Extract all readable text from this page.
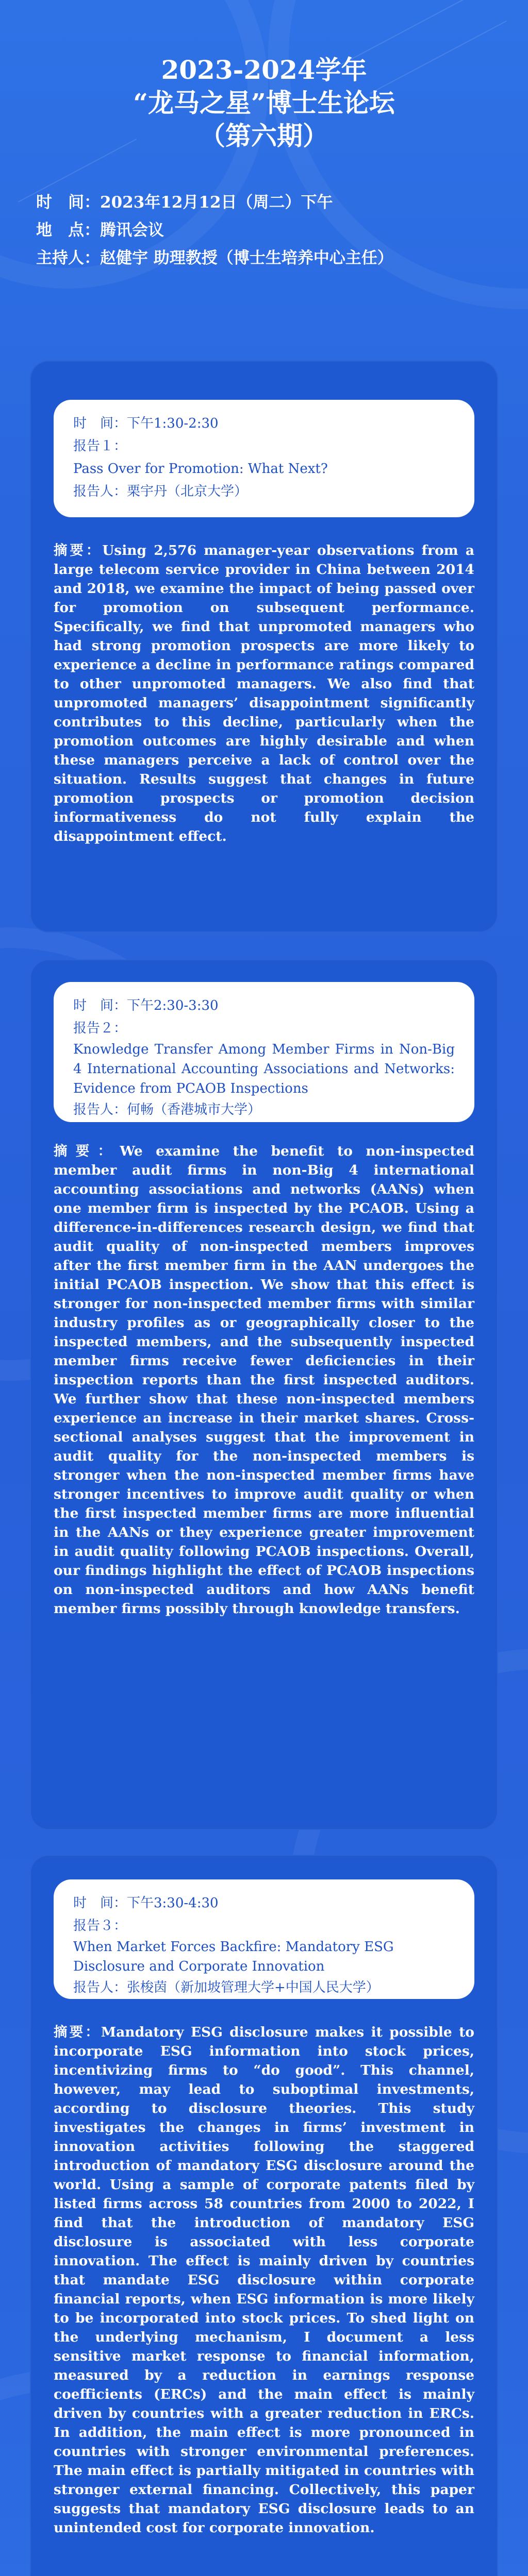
2023-2024学年
“龙马之星”博士生论坛
（第六期）
时　间：2023年12月12日（周二）下午
地　点：腾讯会议
主持人：赵健宇 助理教授（博士生培养中心主任）
时　间：下午1:30-2:30
报告１：
Pass Over for Promotion: What Next?
报告人：栗宇丹（北京大学）
摘要：Using 2,576 manager-year observations from a large telecom service provider in China between 2014 and 2018, we examine the impact of being passed over for promotion on subsequent performance. Specifically, we find that unpromoted managers who had strong promotion prospects are more likely to experience a decline in performance ratings compared to other unpromoted managers. We also find that unpromoted managers’ disappointment significantly contributes to this decline, particularly when the promotion outcomes are highly desirable and when these managers perceive a lack of control over the situation. Results suggest that changes in future promotion prospects or promotion decision informativeness do not fully explain the disappointment effect.
时　间：下午2:30-3:30
报告２：
Knowledge Transfer Among Member Firms in Non-Big 4 International Accounting Associations and Networks: Evidence from PCAOB Inspections
报告人：何畅（香港城市大学）
摘要：We examine the benefit to non-inspected member audit firms in non-Big 4 international accounting associations and networks (AANs) when one member firm is inspected by the PCAOB. Using a difference-in-differences research design, we find that audit quality of non-inspected members improves after the first member firm in the AAN undergoes the initial PCAOB inspection. We show that this effect is stronger for non-inspected member firms with similar industry profiles as or geographically closer to the inspected members, and the subsequently inspected member firms receive fewer deficiencies in their inspection reports than the first inspected auditors. We further show that these non-inspected members experience an increase in their market shares. Cross-sectional analyses suggest that the improvement in audit quality for the non-inspected members is stronger when the non-inspected member firms have stronger incentives to improve audit quality or when the first inspected member firms are more influential in the AANs or they experience greater improvement in audit quality following PCAOB inspections. Overall, our findings highlight the effect of PCAOB inspections on non-inspected auditors and how AANs benefit member firms possibly through knowledge transfers.
时　间：下午3:30-4:30
报告３：
When Market Forces Backfire: Mandatory ESG Disclosure and Corporate Innovation
报告人：张梭茵（新加坡管理大学+中国人民大学）
摘要：Mandatory ESG disclosure makes it possible to incorporate ESG information into stock prices, incentivizing firms to “do good”. This channel, however, may lead to suboptimal investments, according to disclosure theories. This study investigates the changes in firms’ investment in innovation activities following the staggered introduction of mandatory ESG disclosure around the world. Using a sample of corporate patents filed by listed firms across 58 countries from 2000 to 2022, I find that the introduction of mandatory ESG disclosure is associated with less corporate innovation. The effect is mainly driven by countries that mandate ESG disclosure within corporate financial reports, when ESG information is more likely to be incorporated into stock prices. To shed light on the underlying mechanism, I document a less sensitive market response to financial information, measured by a reduction in earnings response coefficients (ERCs) and the main effect is mainly driven by countries with a greater reduction in ERCs. In addition, the main effect is more pronounced in countries with stronger environmental preferences. The main effect is partially mitigated in countries with stronger external financing. Collectively, this paper suggests that mandatory ESG disclosure leads to an unintended cost for corporate innovation.
